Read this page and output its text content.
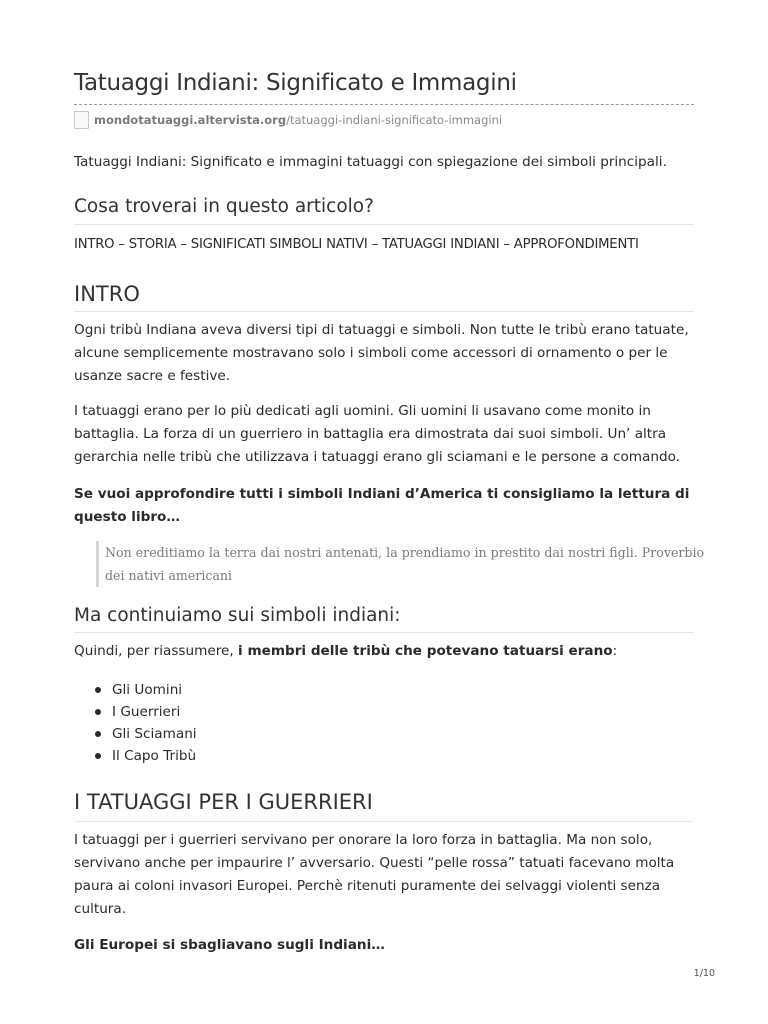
Tatuaggi Indiani: Significato e Immagini
mondotatuaggi.altervista.org /tatuaggi-indiani-significato-immagini

Tatuaggi Indiani: Significato e immagini tatuaggi con spiegazione dei simboli principali.

Cosa troverai in questo articolo?

INTRO – STORIA – SIGNIFICATI SIMBOLI NATIVI – TATUAGGI INDIANI – APPROFONDIMENTI

INTRO

Ogni tribù Indiana aveva diversi tipi di tatuaggi e simboli. Non tutte le tribù erano tatuate, alcune semplicemente mostravano solo i simboli come accessori di ornamento o per le usanze sacre e festive.

I tatuaggi erano per lo più dedicati agli uomini. Gli uomini li usavano come monito in battaglia. La forza di un guerriero in battaglia era dimostrata dai suoi simboli. Un’ altra gerarchia nelle tribù che utilizzava i tatuaggi erano gli sciamani e le persone a comando.

Se vuoi approfondire tutti i simboli Indiani d’America ti consigliamo la lettura di questo libro…

Non ereditiamo la terra dai nostri antenati, la prendiamo in prestito dai nostri figli. Proverbio dei nativi americani
Ma continuiamo sui simboli indiani:

Quindi, per riassumere, i membri delle tribù che potevano tatuarsi erano:

Gli Uomini
I Guerrieri
Gli Sciamani
Il Capo Tribù
I TATUAGGI PER I GUERRIERI

I tatuaggi per i guerrieri servivano per onorare la loro forza in battaglia. Ma non solo, servivano anche per impaurire l’ avversario. Questi “pelle rossa” tatuati facevano molta paura ai coloni invasori Europei. Perchè ritenuti puramente dei selvaggi violenti senza cultura.

Gli Europei si sbagliavano sugli Indiani…

1/10
